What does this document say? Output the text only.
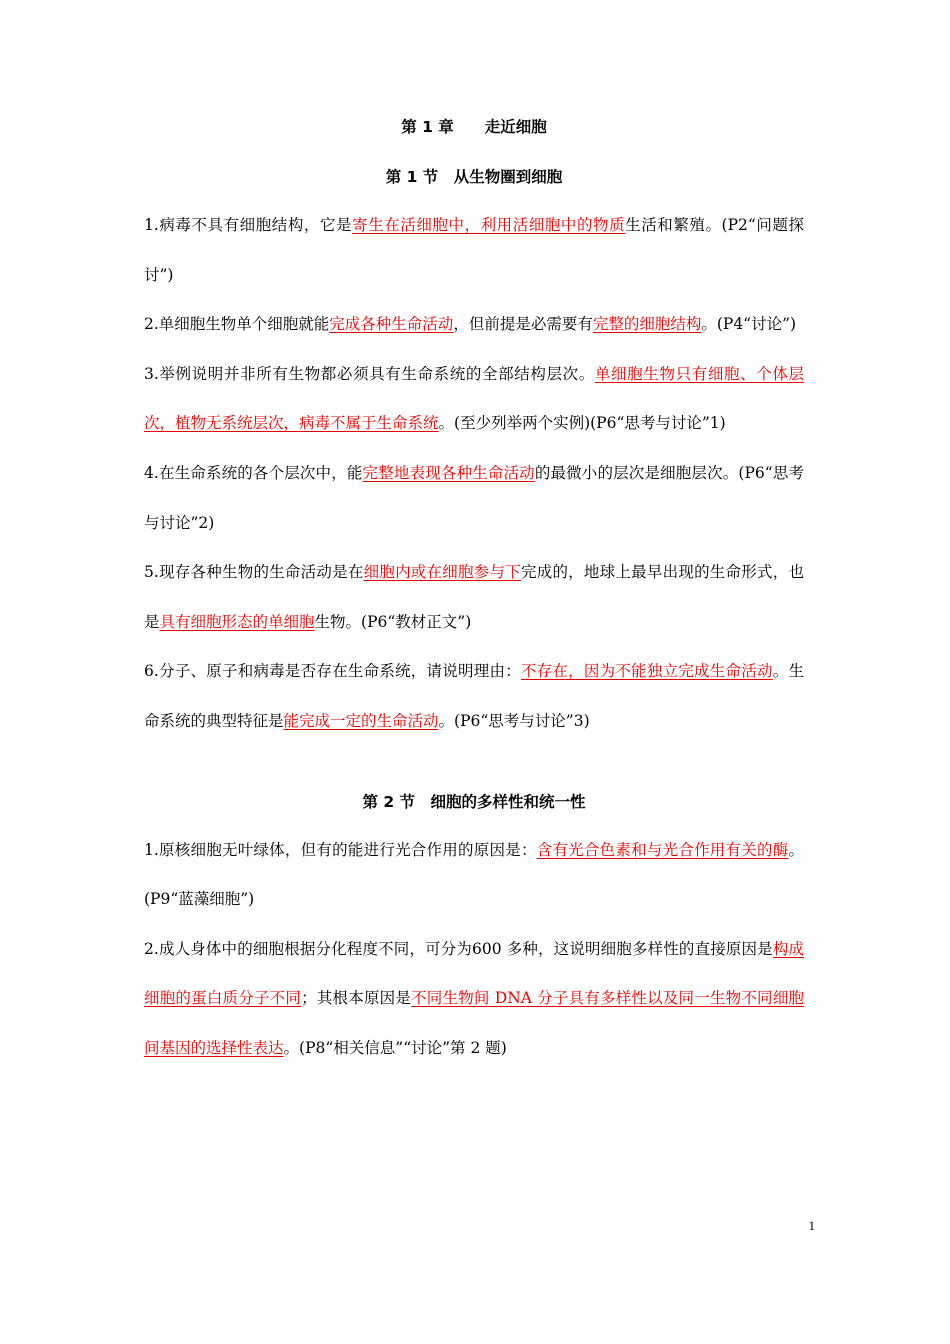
第 1 章　　走近细胞
第 1 节　从生物圈到细胞

1.病毒不具有细胞结构，它是寄生在活细胞中，利用活细胞中的物质生活和繁殖。(P2“问题探讨”)

2.单细胞生物单个细胞就能完成各种生命活动，但前提是必需要有完整的细胞结构。(P4“讨论”)

3.举例说明并非所有生物都必须具有生命系统的全部结构层次。单细胞生物只有细胞、个体层次，植物无系统层次，病毒不属于生命系统。(至少列举两个实例)(P6“思考与讨论”1)

4.在生命系统的各个层次中，能完整地表现各种生命活动的最微小的层次是细胞层次。(P6“思考与讨论”2)

5.现存各种生物的生命活动是在细胞内或在细胞参与下完成的，地球上最早出现的生命形式，也是具有细胞形态的单细胞生物。(P6“教材正文”)

6.分子、原子和病毒是否存在生命系统，请说明理由：不存在，因为不能独立完成生命活动。生命系统的典型特征是能完成一定的生命活动。(P6“思考与讨论”3)

第 2 节　细胞的多样性和统一性

1.原核细胞无叶绿体，但有的能进行光合作用的原因是：含有光合色素和与光合作用有关的酶。(P9“蓝藻细胞”)

2.成人身体中的细胞根据分化程度不同，可分为600 多种，这说明细胞多样性的直接原因是构成细胞的蛋白质分子不同；其根本原因是不同生物间 DNA 分子具有多样性以及同一生物不同细胞间基因的选择性表达。(P8“相关信息”“讨论”第 2 题)

1
